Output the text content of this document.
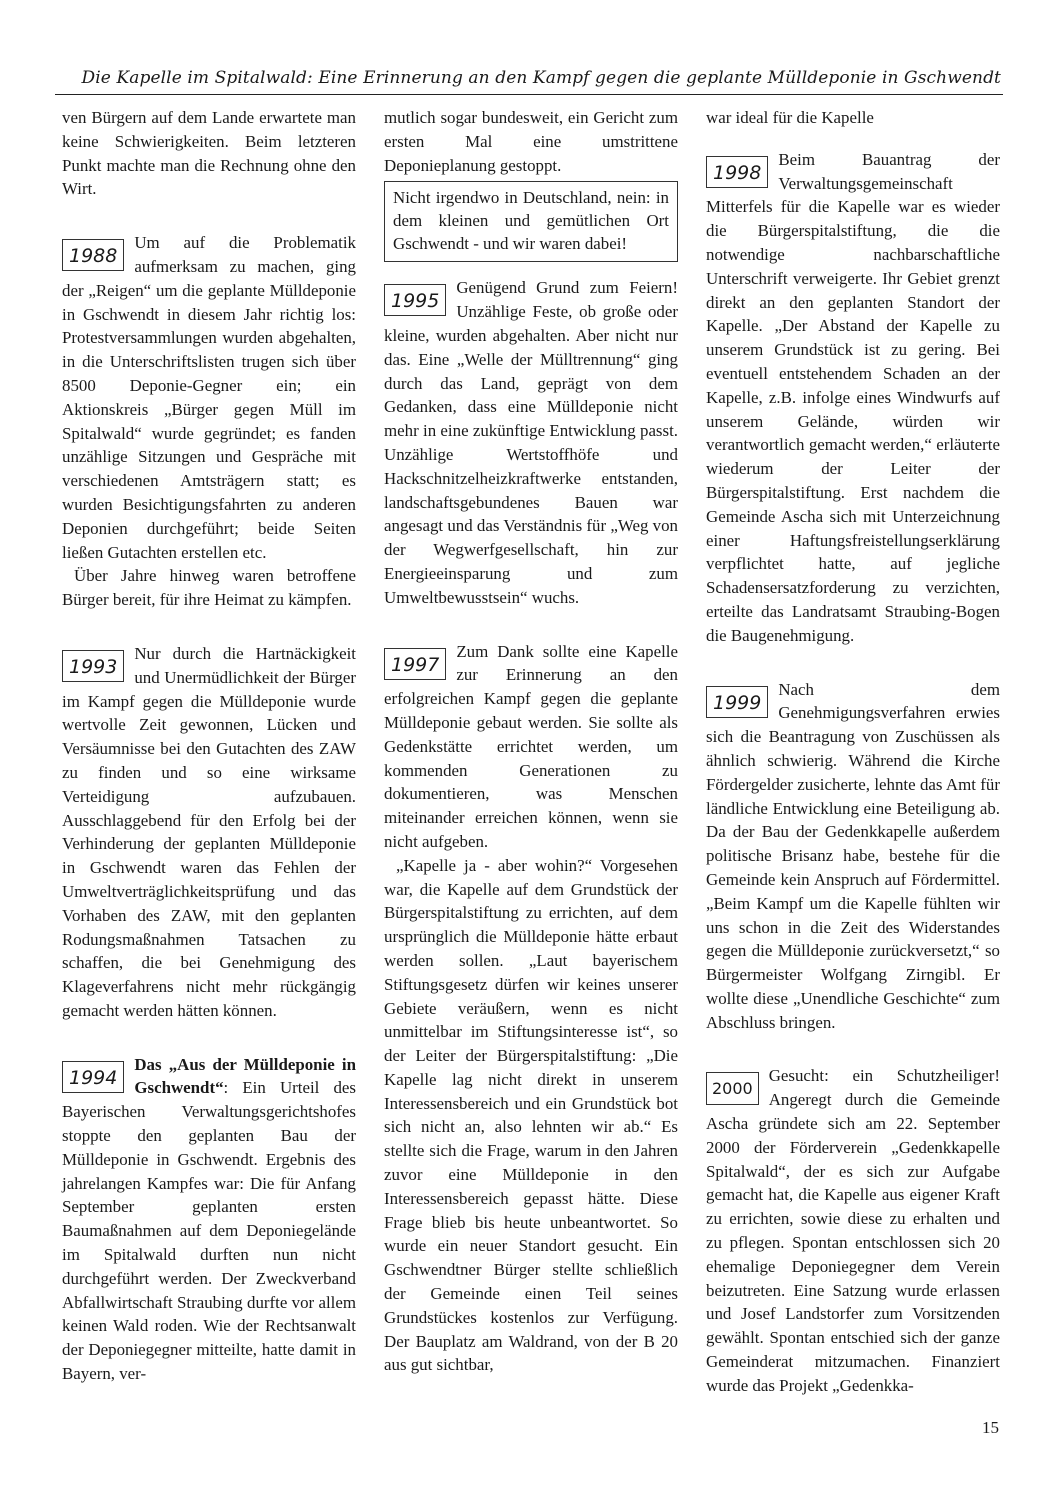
Die Kapelle im Spitalwald: Eine Erinnerung an den Kampf gegen die geplante Mülldeponie in Gschwendt

ven Bürgern auf dem Lande erwartete man keine Schwierigkeiten. Beim letzteren Punkt machte man die Rechnung ohne den Wirt.

1988

Um auf die Problematik aufmerksam zu machen, ging der „Reigen“ um die geplante Mülldeponie in Gschwendt in diesem Jahr richtig los: Protestversammlungen wurden abgehalten, in die Unterschriftslisten trugen sich über 8500 Deponie-Gegner ein; ein Aktionskreis „Bürger gegen Müll im Spitalwald“ wurde gegründet; es fanden unzählige Sitzungen und Gespräche mit verschiedenen Amtsträgern statt; es wurden Besichtigungsfahrten zu anderen Deponien durchgeführt; beide Seiten ließen Gutachten erstellen etc.

Über Jahre hinweg waren betroffene Bürger bereit, für ihre Heimat zu kämpfen.

1993

Nur durch die Hartnäckigkeit und Unermüdlichkeit der Bürger im Kampf gegen die Mülldeponie wurde wertvolle Zeit gewonnen, Lücken und Versäumnisse bei den Gutachten des ZAW zu finden und so eine wirksame Verteidigung aufzubauen. Ausschlaggebend für den Erfolg bei der Verhinderung der geplanten Mülldeponie in Gschwendt waren das Fehlen der Umweltverträglichkeitsprüfung und das Vorhaben des ZAW, mit den geplanten Rodungsmaßnahmen Tatsachen zu schaffen, die bei Genehmigung des Klageverfahrens nicht mehr rückgängig gemacht werden hätten können.

1994

Das „Aus der Mülldeponie in Gschwendt“: Ein Urteil des Bayerischen Verwaltungsgerichtshofes stoppte den geplanten Bau der Mülldeponie in Gschwendt. Ergebnis des jahrelangen Kampfes war: Die für Anfang September geplanten ersten Baumaßnahmen auf dem Deponiegelände im Spitalwald durften nun nicht durchgeführt werden. Der Zweckverband Abfallwirtschaft Straubing durfte vor allem keinen Wald roden. Wie der Rechtsanwalt der Deponiegegner mitteilte, hatte damit in Bayern, ver-

mutlich sogar bundesweit, ein Gericht zum ersten Mal eine umstrittene Deponieplanung gestoppt.

Nicht irgendwo in Deutschland, nein: in dem kleinen und gemütlichen Ort Gschwendt - und wir waren dabei!
1995

Genügend Grund zum Feiern! Unzählige Feste, ob große oder kleine, wurden abgehalten. Aber nicht nur das. Eine „Welle der Mülltrennung“ ging durch das Land, geprägt von dem Gedanken, dass eine Mülldeponie nicht mehr in eine zukünftige Entwicklung passt. Unzählige Wertstoffhöfe und Hackschnitzelheizkraftwerke entstanden, landschaftsgebundenes Bauen war angesagt und das Verständnis für „Weg von der Wegwerfgesellschaft, hin zur Energieeinsparung und zum Umweltbewusstsein“ wuchs.

1997

Zum Dank sollte eine Kapelle zur Erinnerung an den erfolgreichen Kampf gegen die geplante Mülldeponie gebaut werden. Sie sollte als Gedenkstätte errichtet werden, um kommenden Generationen zu dokumentieren, was Menschen miteinander erreichen können, wenn sie nicht aufgeben.

„Kapelle ja - aber wohin?“ Vorgesehen war, die Kapelle auf dem Grundstück der Bürgerspitalstiftung zu errichten, auf dem ursprünglich die Mülldeponie hätte erbaut werden sollen. „Laut bayerischem Stiftungsgesetz dürfen wir keines unserer Gebiete veräußern, wenn es nicht unmittelbar im Stiftungsinteresse ist“, so der Leiter der Bürgerspitalstiftung: „Die Kapelle lag nicht direkt in unserem Interessensbereich und ein Grundstück bot sich nicht an, also lehnten wir ab.“ Es stellte sich die Frage, warum in den Jahren zuvor eine Mülldeponie in den Interessensbereich gepasst hätte. Diese Frage blieb bis heute unbeantwortet. So wurde ein neuer Standort gesucht. Ein Gschwendtner Bürger stellte schließlich der Gemeinde einen Teil seines Grundstückes kostenlos zur Verfügung. Der Bauplatz am Waldrand, von der B 20 aus gut sichtbar,

war ideal für die Kapelle

1998

Beim Bauantrag der Verwaltungsgemeinschaft Mitterfels für die Kapelle war es wieder die Bürgerspitalstiftung, die die notwendige nachbarschaftliche Unterschrift verweigerte. Ihr Gebiet grenzt direkt an den geplanten Standort der Kapelle. „Der Abstand der Kapelle zu unserem Grundstück ist zu gering. Bei eventuell entstehendem Schaden an der Kapelle, z.B. infolge eines Windwurfs auf unserem Gelände, würden wir verantwortlich gemacht werden,“ erläuterte wiederum der Leiter der Bürgerspitalstiftung. Erst nachdem die Gemeinde Ascha sich mit Unterzeichnung einer Haftungsfreistellungserklärung verpflichtet hatte, auf jegliche Schadensersatzforderung zu verzichten, erteilte das Landratsamt Straubing-Bogen die Baugenehmigung.

1999

Nach dem Genehmigungsverfahren erwies sich die Beantragung von Zuschüssen als ähnlich schwierig. Während die Kirche Fördergelder zusicherte, lehnte das Amt für ländliche Entwicklung eine Beteiligung ab. Da der Bau der Gedenkkapelle außerdem politische Brisanz habe, bestehe für die Gemeinde kein Anspruch auf Fördermittel. „Beim Kampf um die Kapelle fühlten wir uns schon in die Zeit des Widerstandes gegen die Mülldeponie zurückversetzt,“ so Bürgermeister Wolfgang Zirngibl. Er wollte diese „Unendliche Geschichte“ zum Abschluss bringen.

2000

Gesucht: ein Schutzheiliger! Angeregt durch die Gemeinde Ascha gründete sich am 22. September 2000 der Förderverein „Gedenkkapelle Spitalwald“, der es sich zur Aufgabe gemacht hat, die Kapelle aus eigener Kraft zu errichten, sowie diese zu erhalten und zu pflegen. Spontan entschlossen sich 20 ehemalige Deponiegegner dem Verein beizutreten. Eine Satzung wurde erlassen und Josef Landstorfer zum Vorsitzenden gewählt. Spontan entschied sich der ganze Gemeinderat mitzumachen. Finanziert wurde das Projekt „Gedenkka-

15
